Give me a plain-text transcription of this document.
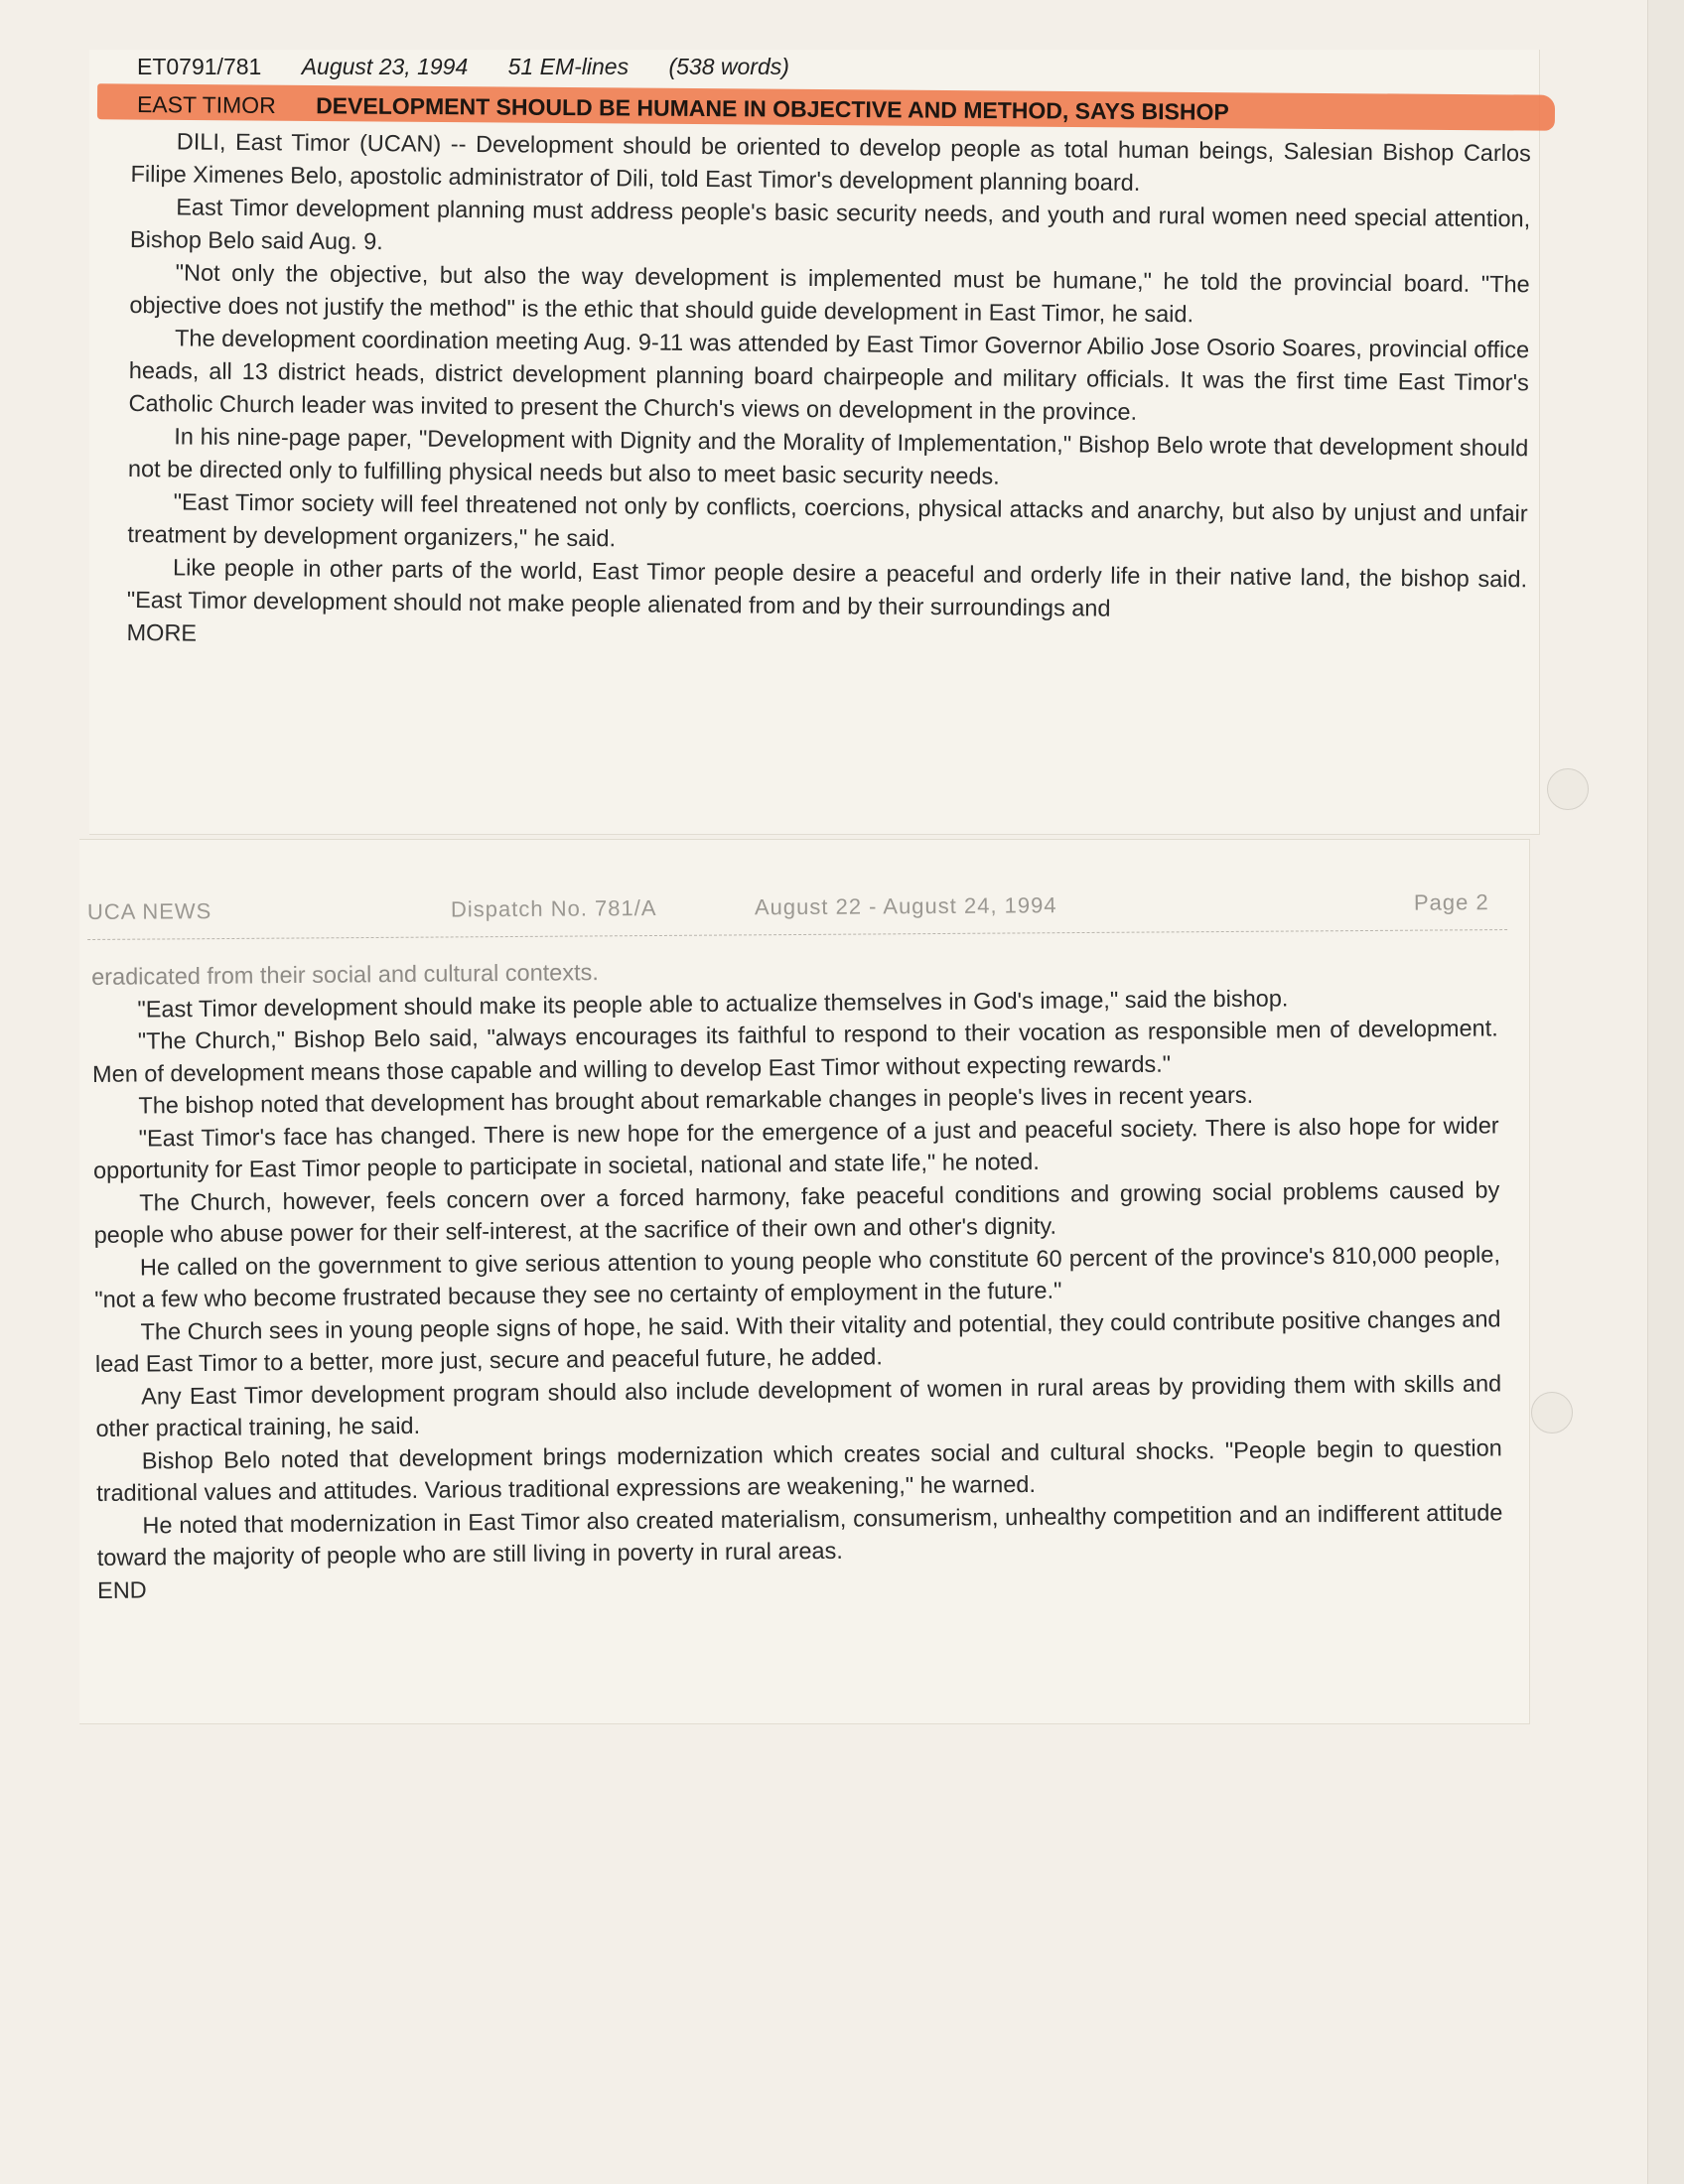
ET0791/781 August 23, 1994 51 EM-lines (538 words)
EAST TIMOR DEVELOPMENT SHOULD BE HUMANE IN OBJECTIVE AND METHOD, SAYS BISHOP

DILI, East Timor (UCAN) -- Development should be oriented to develop people as total human beings, Salesian Bishop Carlos Filipe Ximenes Belo, apostolic administrator of Dili, told East Timor's development planning board.

East Timor development planning must address people's basic security needs, and youth and rural women need special attention, Bishop Belo said Aug. 9.

"Not only the objective, but also the way development is implemented must be humane," he told the provincial board. "The objective does not justify the method" is the ethic that should guide development in East Timor, he said.

The development coordination meeting Aug. 9-11 was attended by East Timor Governor Abilio Jose Osorio Soares, provincial office heads, all 13 district heads, district development planning board chairpeople and military officials. It was the first time East Timor's Catholic Church leader was invited to present the Church's views on development in the province.

In his nine-page paper, "Development with Dignity and the Morality of Implementation," Bishop Belo wrote that development should not be directed only to fulfilling physical needs but also to meet basic security needs.

"East Timor society will feel threatened not only by conflicts, coercions, physical attacks and anarchy, but also by unjust and unfair treatment by development organizers," he said.

Like people in other parts of the world, East Timor people desire a peaceful and orderly life in their native land, the bishop said. "East Timor development should not make people alienated from and by their surroundings and

MORE

UCA NEWS	Dispatch No. 781/A	August 22 - August 24, 1994	Page 2

eradicated from their social and cultural contexts.

"East Timor development should make its people able to actualize themselves in God's image," said the bishop.

"The Church," Bishop Belo said, "always encourages its faithful to respond to their vocation as responsible men of development. Men of development means those capable and willing to develop East Timor without expecting rewards."

The bishop noted that development has brought about remarkable changes in people's lives in recent years.

"East Timor's face has changed. There is new hope for the emergence of a just and peaceful society. There is also hope for wider opportunity for East Timor people to participate in societal, national and state life," he noted.

The Church, however, feels concern over a forced harmony, fake peaceful conditions and growing social problems caused by people who abuse power for their self-interest, at the sacrifice of their own and other's dignity.

He called on the government to give serious attention to young people who constitute 60 percent of the province's 810,000 people, "not a few who become frustrated because they see no certainty of employment in the future."

The Church sees in young people signs of hope, he said. With their vitality and potential, they could contribute positive changes and lead East Timor to a better, more just, secure and peaceful future, he added.

Any East Timor development program should also include development of women in rural areas by providing them with skills and other practical training, he said.

Bishop Belo noted that development brings modernization which creates social and cultural shocks. "People begin to question traditional values and attitudes. Various traditional expressions are weakening," he warned.

He noted that modernization in East Timor also created materialism, consumerism, unhealthy competition and an indifferent attitude toward the majority of people who are still living in poverty in rural areas.

END
